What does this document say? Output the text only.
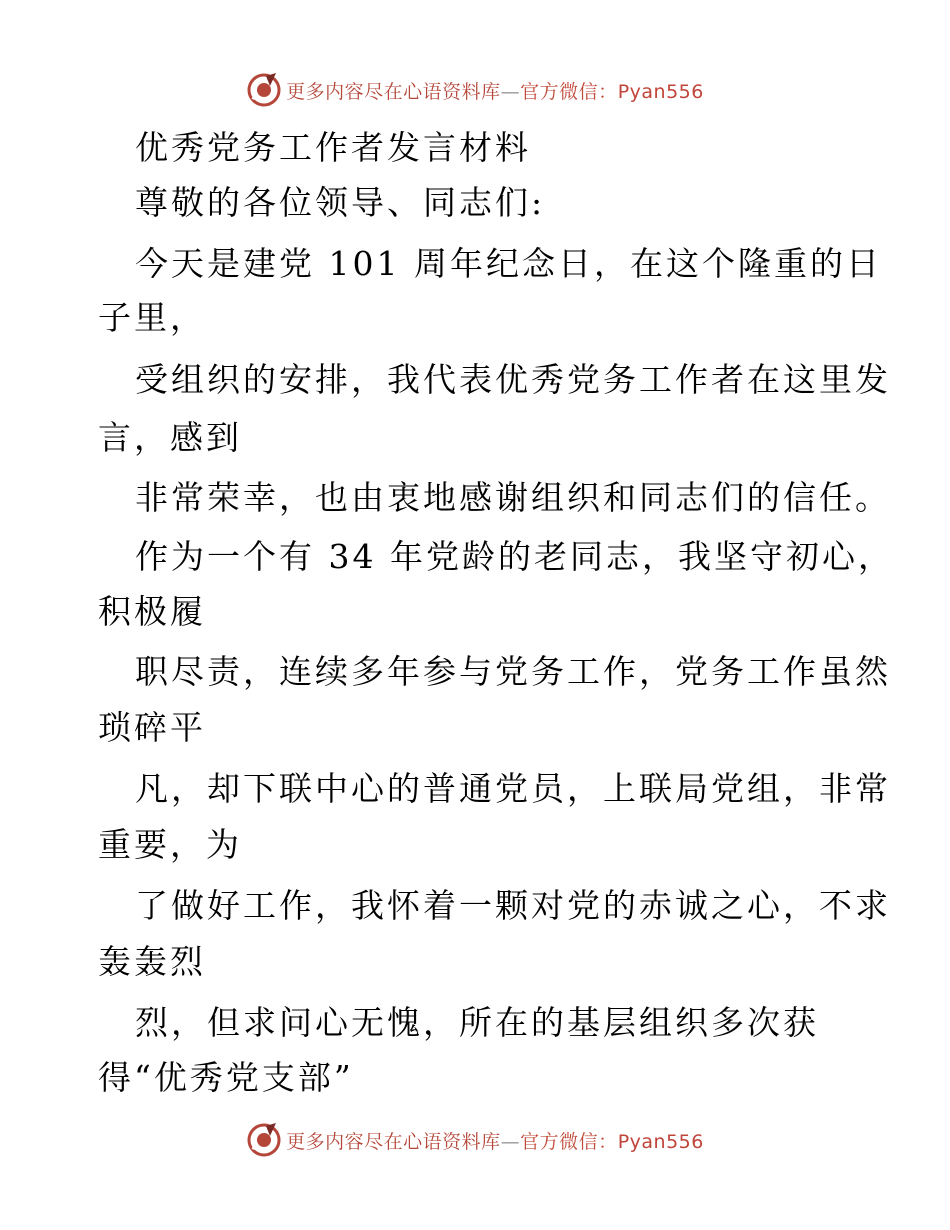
更多内容尽在心语资料库—官方微信：Pyan556
优秀党务工作者发言材料
尊敬的各位领导、同志们:
今天是建党 101 周年纪念日，在这个隆重的日
子里，
受组织的安排，我代表优秀党务工作者在这里发
言，感到
非常荣幸，也由衷地感谢组织和同志们的信任。
作为一个有 34 年党龄的老同志，我坚守初心，
积极履
职尽责，连续多年参与党务工作，党务工作虽然
琐碎平
凡，却下联中心的普通党员，上联局党组，非常
重要，为
了做好工作，我怀着一颗对党的赤诚之心，不求
轰轰烈
烈，但求问心无愧，所在的基层组织多次获
得“优秀党支部”
更多内容尽在心语资料库—官方微信：Pyan556
